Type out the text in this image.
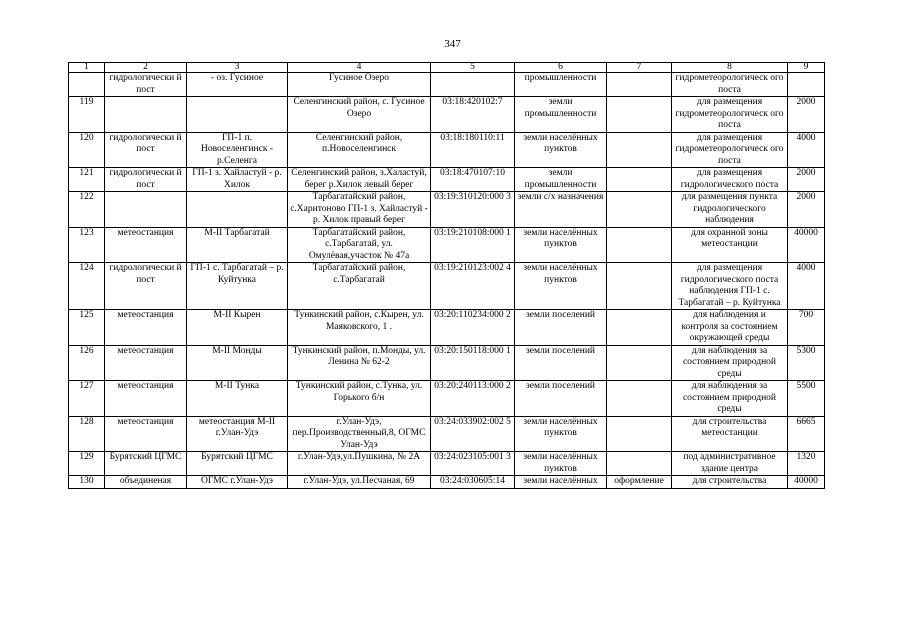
347
1	2	3	4	5	6	7	8	9
	гидрологически й пост	- оз. Гусиное	Гусиное Озеро		промышленности		гидрометеорологическ ого поста	
119			Селенгинский район, с. Гусиное Озеро	03:18:420102:7	земли промышленности		для размещения гидрометеорологическ ого поста	2000
120	гидрологически й пост	ГП-1 п. Новоселенгинск - р.Селенга	Селенгинский район, п.Новоселенгинск	03:18:180110:11	земли населённых пунктов		для размещения гидрометеорологическ ого поста	4000
121	гидрологически й пост	ГП-1 з. Хайластуй - р. Хилок	Селенгинский район, з.Халастуй, берег р.Хилок левый берег	03:18:470107:10	земли промышленности		для размещения гидрологического поста	2000
122			Тарбагатайский район, с.Харитоново ГП-1 з. Хайластуй - р. Хилок правый берег	03:19:310120:000 3	земли с/х назначения		для размещения пункта гидрологического наблюдения	2000
123	метеостанция	М-II Тарбагатай	Тарбагатайский район, с.Тарбагатай, ул. Омулёвая,участок № 47а	03:19:210108:000 1	земли населённых пунктов		для охранной зоны метеостанции	40000
124	гидрологически й пост	ГП-1 с. Тарбагатай – р. Куйтунка	Тарбагатайский район, с.Тарбагатай	03:19:210123:002 4	земли населённых пунктов		для размещения гидрологического поста наблюдения ГП-1 с. Тарбагатай – р. Куйтунка	4000
125	метеостанция	М-II Кырен	Тункинский район, с.Кырен, ул. Маяковского, 1 .	03:20:110234:000 2	земли поселений		для наблюдения и контроля за состоянием окружающей среды	700
126	метеостанция	М-II Монды	Тункинский район, п.Монды, ул. Ленина № 62-2	03:20:150118:000 1	земли поселений		для наблюдения за состоянием природной среды	5300
127	метеостанция	М-II Тунка	Тункинский район, с.Тунка, ул. Горького б/н	03:20:240113:000 2	земли поселений		для наблюдения за состоянием природной среды	5500
128	метеостанция	метеостанция М-II г.Улан-Удэ	г.Улан-Удэ, пер.Производственный,8, ОГМС Улан-Удэ	03:24:033902:002 5	земли населённых пунктов		для строительства метеостанции	6665
129	Бурятский ЦГМС	Бурятский ЦГМС	г.Улан-Удэ,ул.Пушкина, № 2А	03:24:023105:001 3	земли населённых пунктов		под административное здание центра	1320
130	объединеная	ОГМС г.Улан-Удэ	г.Улан-Удэ, ул.Песчаная, 69	03:24:030605:14	земли населённых	оформление	для строительства	40000
